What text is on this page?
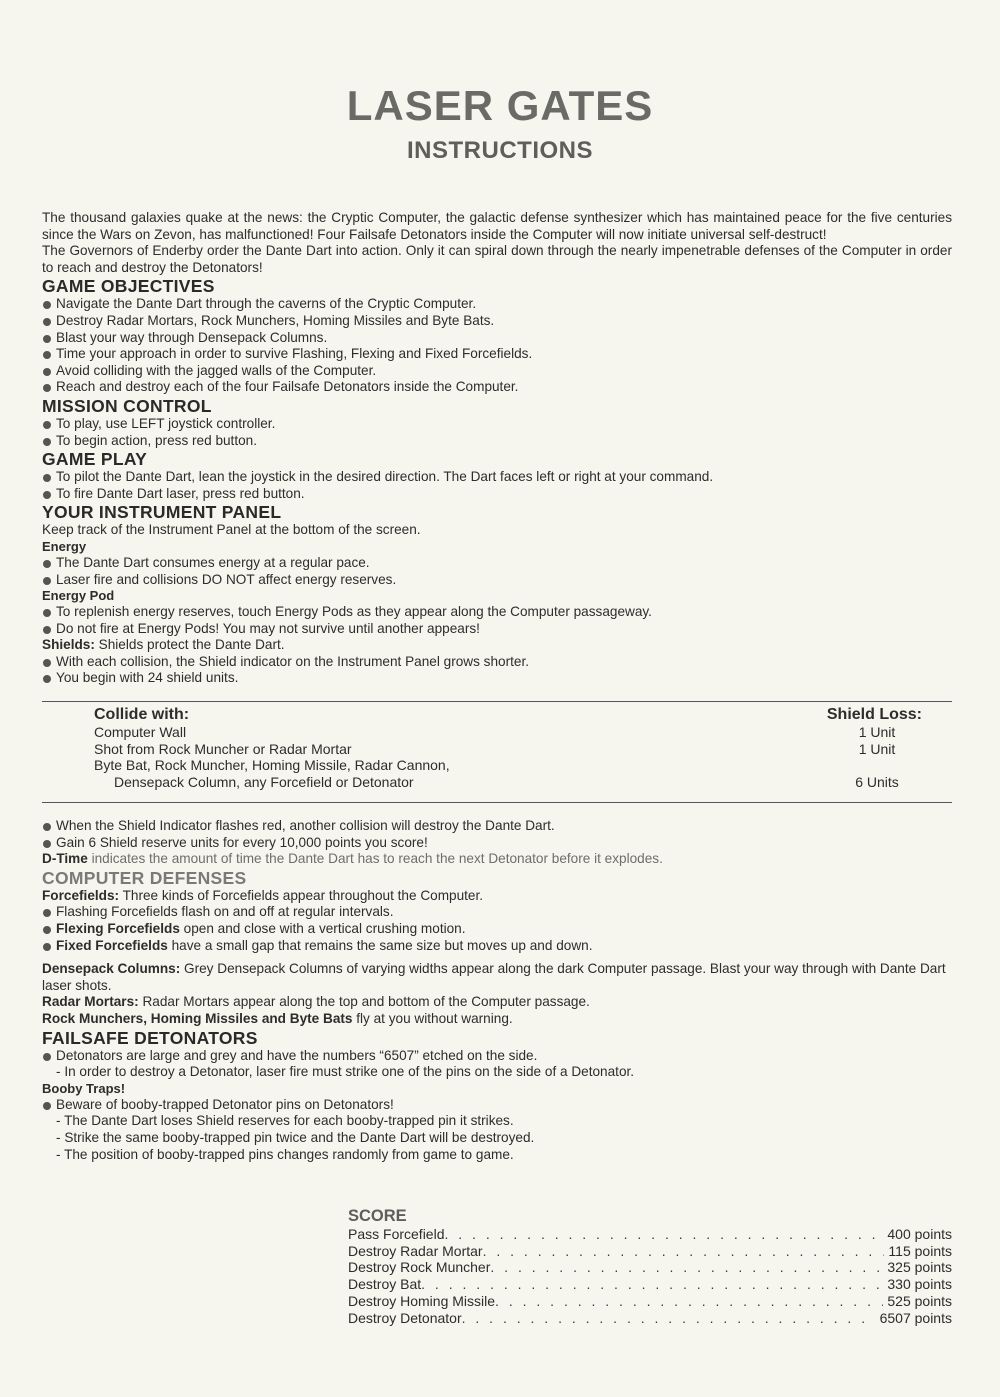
LASER GATES
INSTRUCTIONS

The thousand galaxies quake at the news: the Cryptic Computer, the galactic defense synthesizer which has maintained peace for the five centuries since the Wars on Zevon, has malfunctioned! Four Failsafe Detonators inside the Computer will now initiate universal self-destruct!

The Governors of Enderby order the Dante Dart into action. Only it can spiral down through the nearly impenetrable defenses of the Computer in order to reach and destroy the Detonators!

GAME OBJECTIVES
Navigate the Dante Dart through the caverns of the Cryptic Computer.
Destroy Radar Mortars, Rock Munchers, Homing Missiles and Byte Bats.
Blast your way through Densepack Columns.
Time your approach in order to survive Flashing, Flexing and Fixed Forcefields.
Avoid colliding with the jagged walls of the Computer.
Reach and destroy each of the four Failsafe Detonators inside the Computer.
MISSION CONTROL
To play, use LEFT joystick controller.
To begin action, press red button.
GAME PLAY
To pilot the Dante Dart, lean the joystick in the desired direction. The Dart faces left or right at your command.
To fire Dante Dart laser, press red button.
YOUR INSTRUMENT PANEL

Keep track of the Instrument Panel at the bottom of the screen.

Energy

The Dante Dart consumes energy at a regular pace.
Laser fire and collisions DO NOT affect energy reserves.

Energy Pod

To replenish energy reserves, touch Energy Pods as they appear along the Computer passageway.
Do not fire at Energy Pods! You may not survive until another appears!

Shields: Shields protect the Dante Dart.

With each collision, the Shield indicator on the Instrument Panel grows shorter.
You begin with 24 shield units.
Collide with:	Shield Loss:
Computer Wall	1 Unit
Shot from Rock Muncher or Radar Mortar	1 Unit
Byte Bat, Rock Muncher, Homing Missile, Radar Cannon,
Densepack Column, any Forcefield or Detonator	6 Units
When the Shield Indicator flashes red, another collision will destroy the Dante Dart.
Gain 6 Shield reserve units for every 10,000 points you score!

D-Time indicates the amount of time the Dante Dart has to reach the next Detonator before it explodes.

COMPUTER DEFENSES

Forcefields: Three kinds of Forcefields appear throughout the Computer.

Flashing Forcefields flash on and off at regular intervals.
Flexing Forcefields open and close with a vertical crushing motion.
Fixed Forcefields have a small gap that remains the same size but moves up and down.

Densepack Columns: Grey Densepack Columns of varying widths appear along the dark Computer passage. Blast your way through with Dante Dart laser shots.

Radar Mortars: Radar Mortars appear along the top and bottom of the Computer passage.

Rock Munchers, Homing Missiles and Byte Bats fly at you without warning.

FAILSAFE DETONATORS
Detonators are large and grey and have the numbers “6507” etched on the side.
- In order to destroy a Detonator, laser fire must strike one of the pins on the side of a Detonator.

Booby Traps!

Beware of booby-trapped Detonator pins on Detonators!
- The Dante Dart loses Shield reserves for each booby-trapped pin it strikes.
- Strike the same booby-trapped pin twice and the Dante Dart will be destroyed.
- The position of booby-trapped pins changes randomly from game to game.
SCORE
Pass Forcefield . . .	400 points
Destroy Radar Mortar . . .	115 points
Destroy Rock Muncher . . .	325 points
Destroy Bat . . .	330 points
Destroy Homing Missile . . .	525 points
Destroy Detonator . . .	6507 points
